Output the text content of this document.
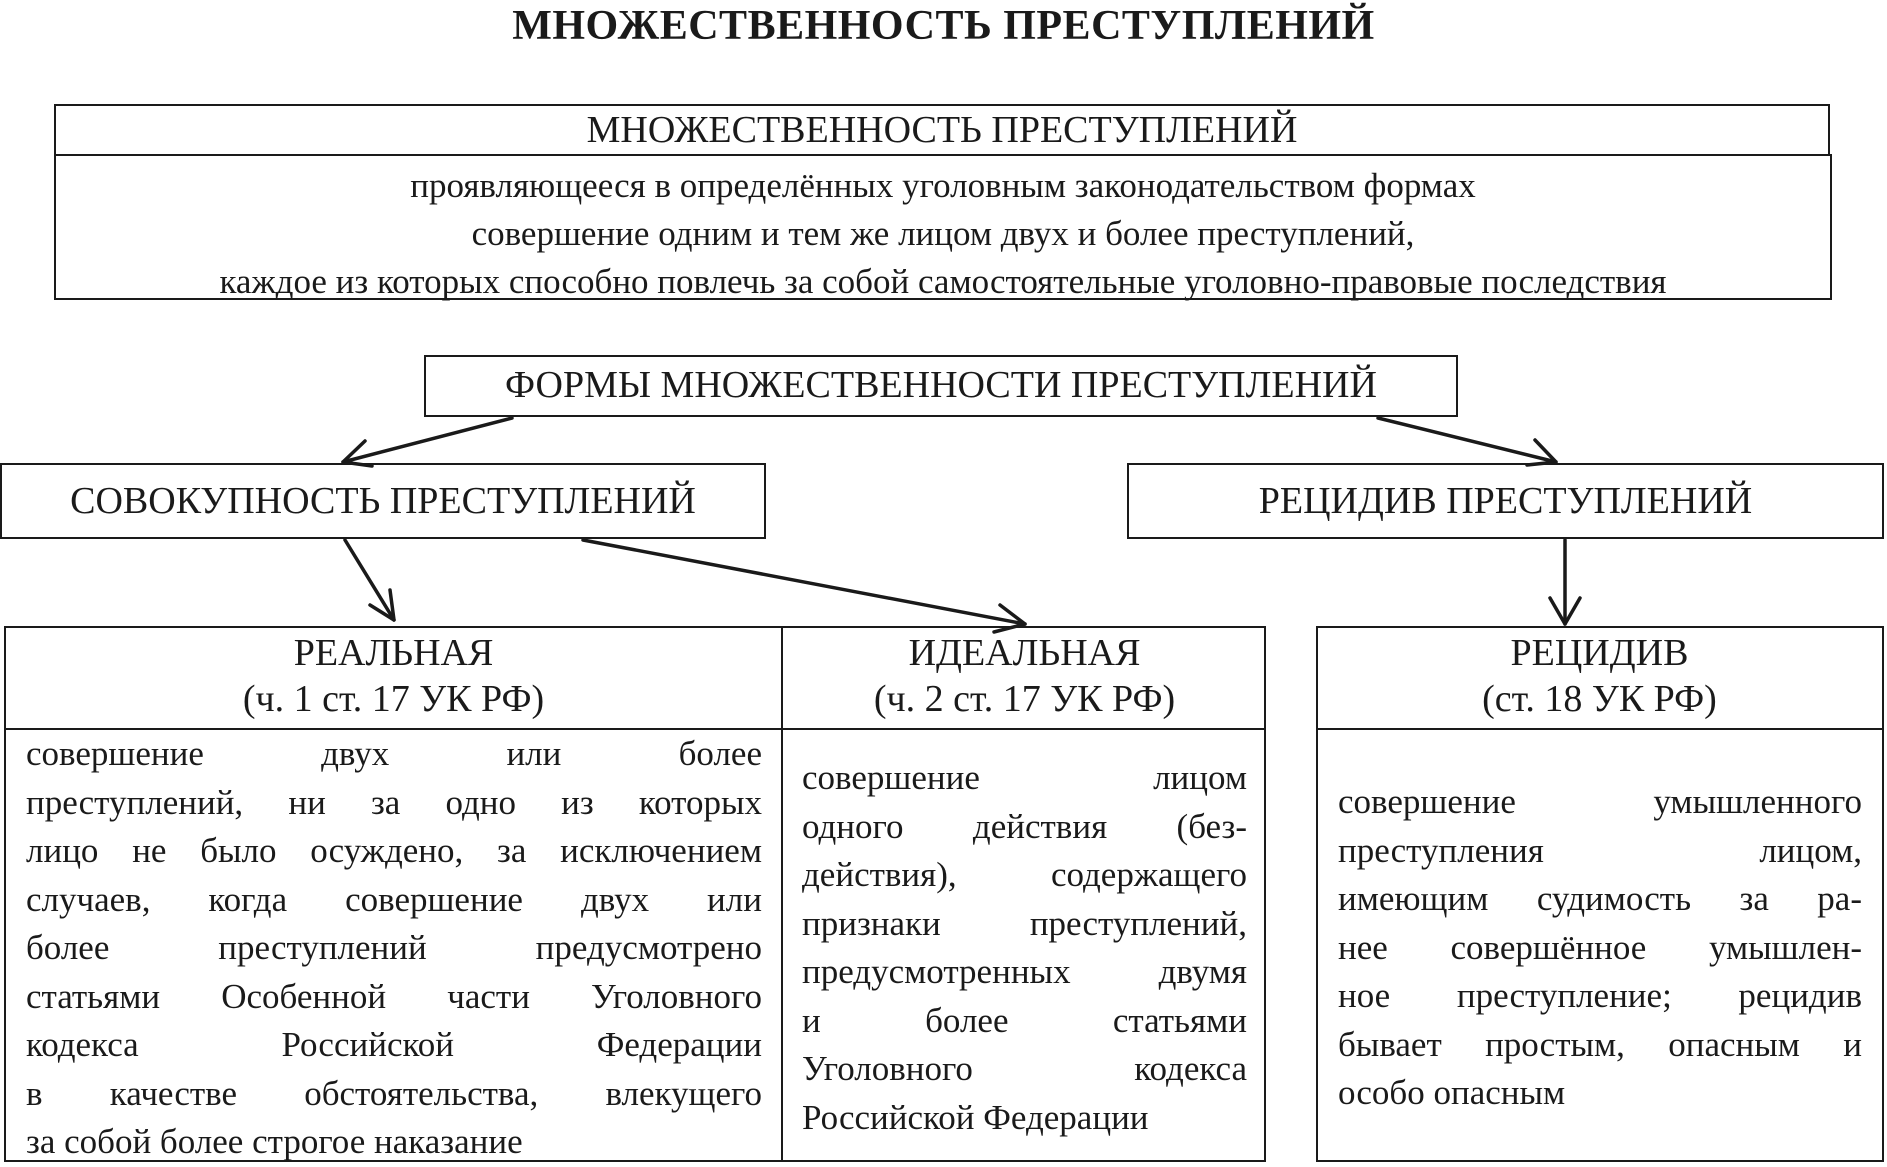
МНОЖЕСТВЕННОСТЬ ПРЕСТУПЛЕНИЙ
МНОЖЕСТВЕННОСТЬ ПРЕСТУПЛЕНИЙ
проявляющееся в определённых уголовным законодательством формах
совершение одним и тем же лицом двух и более преступлений,
каждое из которых способно повлечь за собой самостоятельные уголовно-правовые последствия
ФОРМЫ МНОЖЕСТВЕННОСТИ ПРЕСТУПЛЕНИЙ
СОВОКУПНОСТЬ ПРЕСТУПЛЕНИЙ	РЕЦИДИВ ПРЕСТУПЛЕНИЙ
РЕАЛЬНАЯ
(ч. 1 ст. 17 УК РФ)
ИДЕАЛЬНАЯ
(ч. 2 ст. 17 УК РФ)
совершение двух или более
преступлений, ни за одно из которых
лицо не было осуждено, за исключением
случаев, когда совершение двух или
более преступлений предусмотрено
статьями Особенной части Уголовного
кодекса Российской Федерации
в качестве обстоятельства, влекущего
за собой более строгое наказание
совершение лицом
одного действия (без-
действия), содержащего
признаки преступлений,
предусмотренных двумя
и более статьями
Уголовного кодекса
Российской Федерации
РЕЦИДИВ
(ст. 18 УК РФ)
совершение умышленного
преступления лицом,
имеющим судимость за ра-
нее совершённое умышлен-
ное преступление; рецидив
бывает простым, опасным и
особо опасным
